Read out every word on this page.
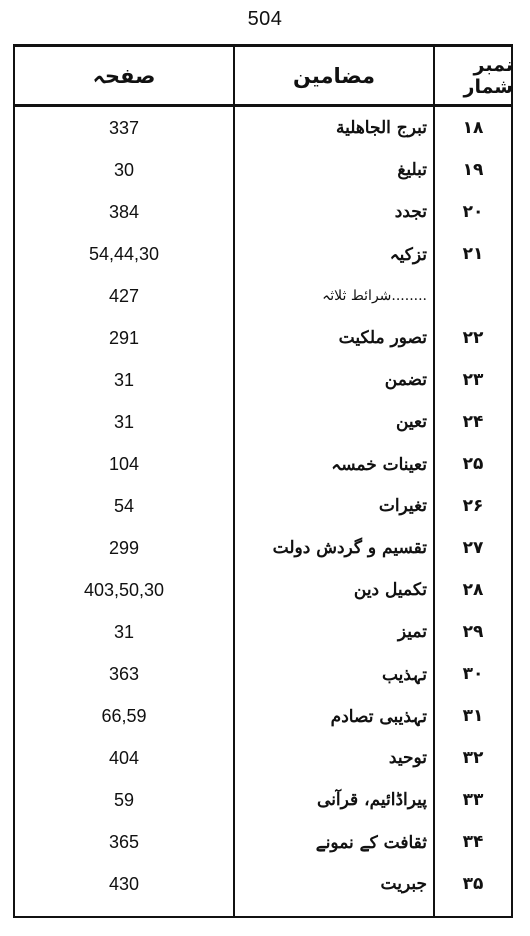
504
صفحہ	مضامین	نمبر شمار
337	تبرج الجاهلية	۱۸
30	تبلیغ	۱۹
384	تجدد	۲۰
54,44,30	تزکیہ	۲۱
427	........شرائط ثلاثہ
291	تصور ملکیت	۲۲
31	تضمن	۲۳
31	تعین	۲۴
104	تعینات خمسہ	۲۵
54	تغیرات	۲۶
299	تقسیم و گردش دولت	۲۷
403,50,30	تکمیل دین	۲۸
31	تمیز	۲۹
363	تہذیب	۳۰
66,59	تہذیبی تصادم	۳۱
404	توحید	۳۲
59	پیراڈائیم، قرآنی	۳۳
365	ثقافت کے نمونے	۳۴
430	جبریت	۳۵
